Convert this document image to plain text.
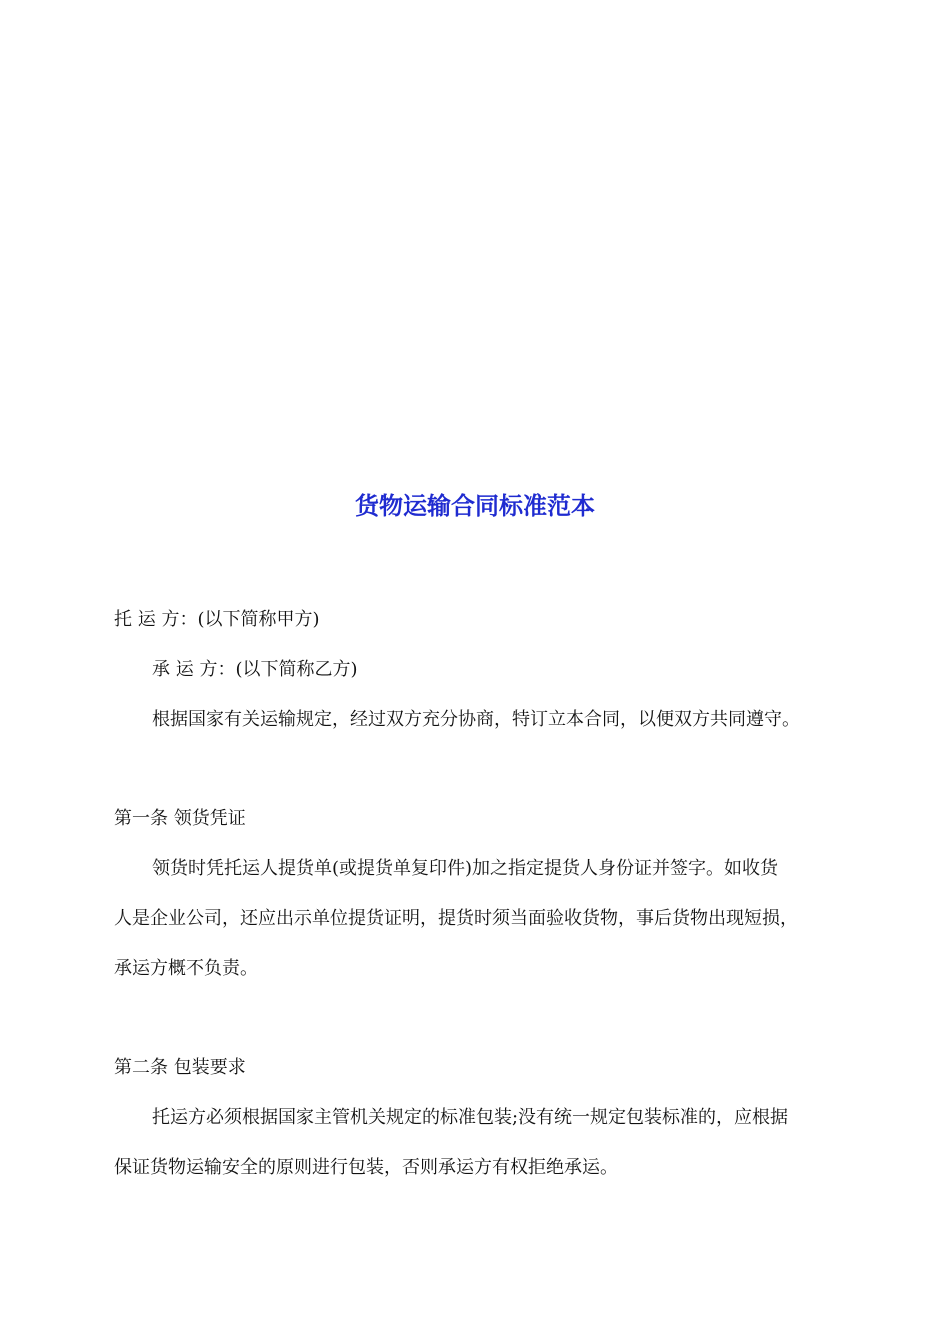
货物运输合同标准范本
托 运 方：(以下简称甲方)
承 运 方：(以下简称乙方)
根据国家有关运输规定，经过双方充分协商，特订立本合同，以便双方共同遵守。
第一条 领货凭证
领货时凭托运人提货单(或提货单复印件)加之指定提货人身份证并签字。如收货
人是企业公司，还应出示单位提货证明，提货时须当面验收货物，事后货物出现短损，
承运方概不负责。
第二条 包装要求
托运方必须根据国家主管机关规定的标准包装;没有统一规定包装标准的，应根据
保证货物运输安全的原则进行包装，否则承运方有权拒绝承运。
